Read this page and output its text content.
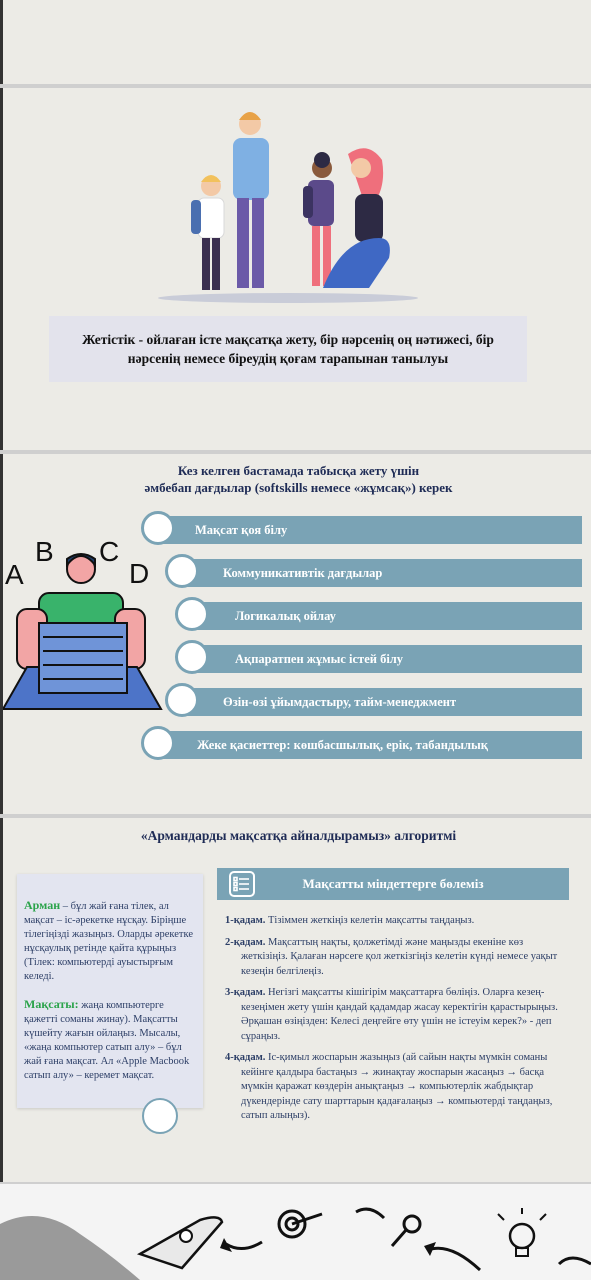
Жетістік - ойлаған істе мақсатқа жету, бір нәрсенің оң нәтижесі, бір нәрсенің немесе біреудің қоғам тарапынан танылуы
Кез келген бастамада табысқа жету үшін
әмбебап дағдылар (softskills немесе «жұмсақ») керек
A
B C
D
Мақсат қоя білу
Коммуникативтік дағдылар
Логикалық ойлау
Ақпаратпен жұмыс істей білу
Өзін-өзі ұйымдастыру, тайм-менеджмент
Жеке қасиеттер: көшбасшылық, ерік, табандылық
«Армандарды мақсатқа айналдырамыз» алгоритмі

Арман – бұл жай ғана тілек, ал мақсат – іс-әрекетке нұсқау. Біріңше тілегіңізді жазыңыз. Оларды әрекетке нұсқаулық ретінде қайта құрыңыз (Тілек: компьютерді ауыстырғым келеді.

Мақсаты: жаңа компьютерге қажетті соманы жинау). Мақсатты күшейту жағын ойлаңыз. Мысалы, «жаңа компьютер сатып алу» – бұл жай ғана мақсат. Ал «Apple Macbook сатып алу» – керемет мақсат.

Мақсатты міндеттерге бөлеміз
1-қадам. Тізіммен жеткіңіз келетін мақсатты таңдаңыз.
2-қадам. Мақсаттың нақты, қолжетімді және маңызды екеніне көз жеткізіңіз. Қалаған нәрсеге қол жеткізгіңіз келетін күнді немесе уақыт кезеңін белгілеңіз.
3-қадам. Негізгі мақсатты кішігірім мақсаттарға бөліңіз. Оларға кезең-кезеңімен жету үшін қандай қадамдар жасау керектігін қарастырыңыз. Әрқашан өзіңізден: Келесі деңгейге өту үшін не істеуім керек?» - деп сұраңыз.
4-қадам. Іс-қимыл жоспарын жазыңыз (ай сайын нақты мүмкін соманы кейінге қалдыра бастаңыз → жинақтау жоспарын жасаңыз → басқа мүмкін қаражат көздерін анықтаңыз → компьютерлік жабдықтар дүкендерінде сату шарттарын қадағалаңыз → компьютерді таңдаңыз, сатып алыңыз).
